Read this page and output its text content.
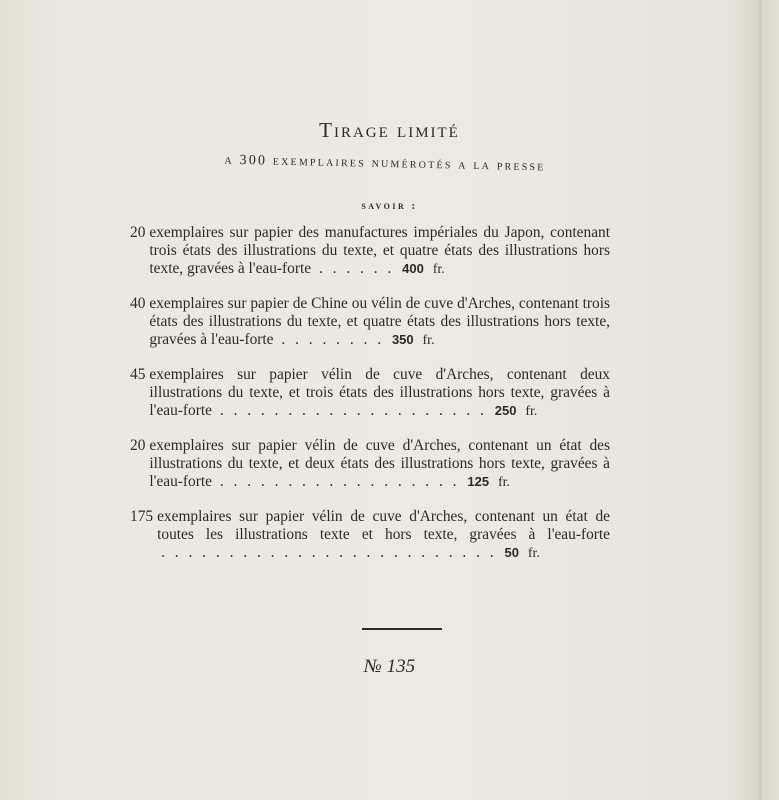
Tirage limité
a 300 exemplaires numérotés a la presse
savoir :
20 exemplaires sur papier des manufactures impériales du Japon, contenant trois états des illustrations du texte, et quatre états des illustrations hors texte, gravées à l'eau-forte . . . . . . 400 fr.
40 exemplaires sur papier de Chine ou vélin de cuve d'Arches, contenant trois états des illustrations du texte, et quatre états des illustrations hors texte, gravées à l'eau-forte . . . . . . . . 350 fr.
45 exemplaires sur papier vélin de cuve d'Arches, contenant deux illustrations du texte, et trois états des illustrations hors texte, gravées à l'eau-forte . . . . . . . . . . . . . . . . . . . . 250 fr.
20 exemplaires sur papier vélin de cuve d'Arches, contenant un état des illustrations du texte, et deux états des illustrations hors texte, gravées à l'eau-forte . . . . . . . . . . . . . . . . . . 125 fr.
175 exemplaires sur papier vélin de cuve d'Arches, contenant un état de toutes les illustrations texte et hors texte, gravées à l'eau-forte . . . . . . . . . . . . . . . . . . . . . . . . . 50 fr.
№ 135
